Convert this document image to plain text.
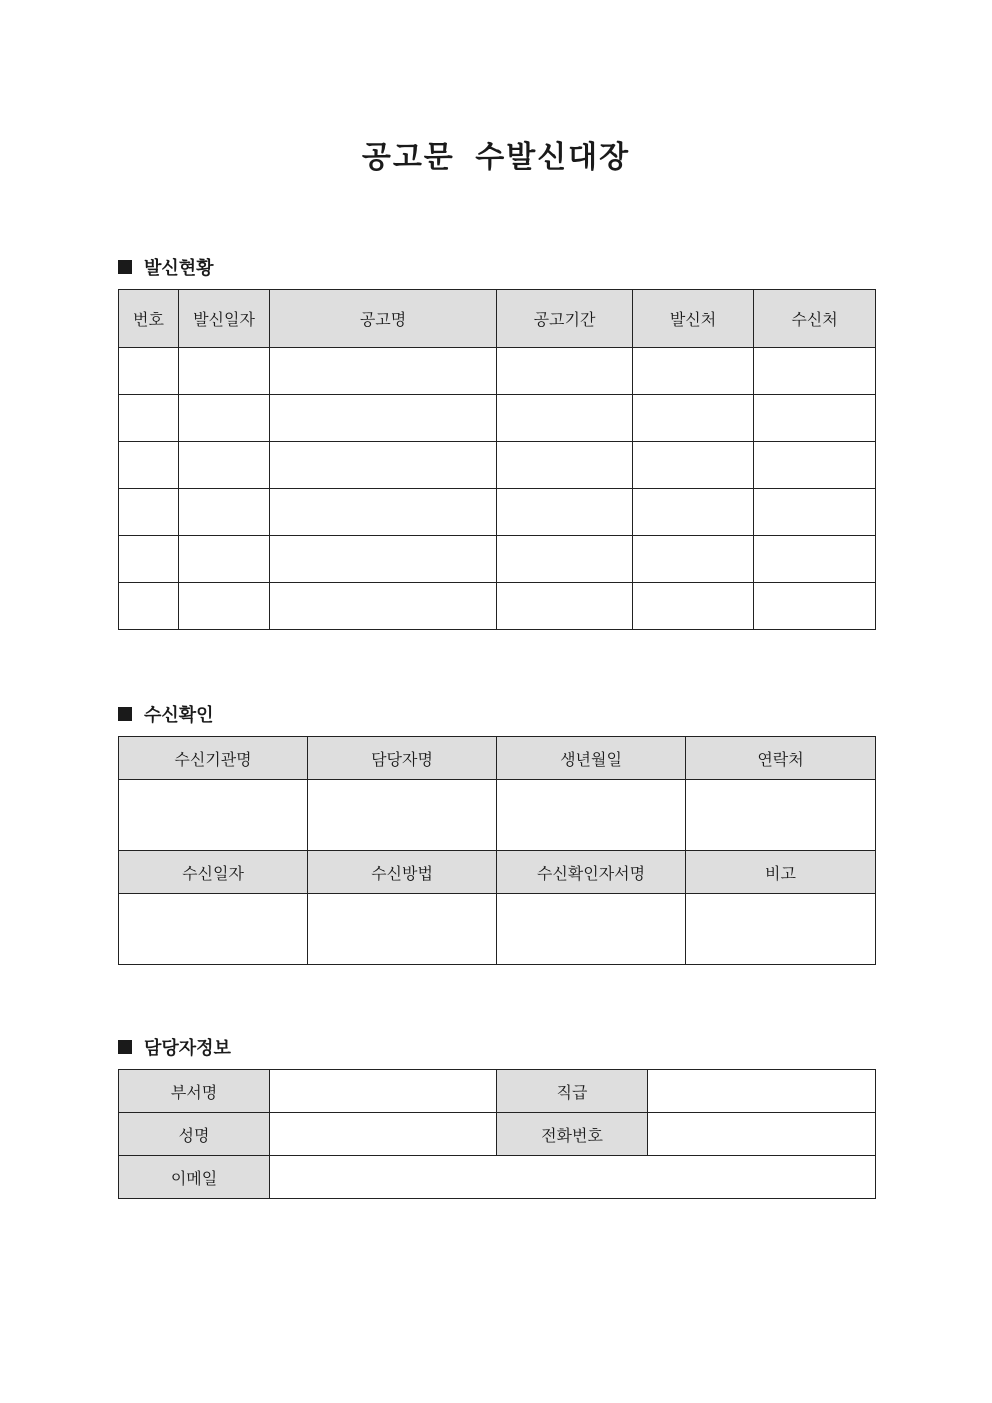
공고문 수발신대장
발신현황
번호	발신일자	공고명	공고기간	발신처	수신처

수신확인
수신기관명	담당자명	생년월일	연락처

수신일자	수신방법	수신확인자서명	비고

담당자정보
부서명		직급	
성명		전화번호	
이메일			
